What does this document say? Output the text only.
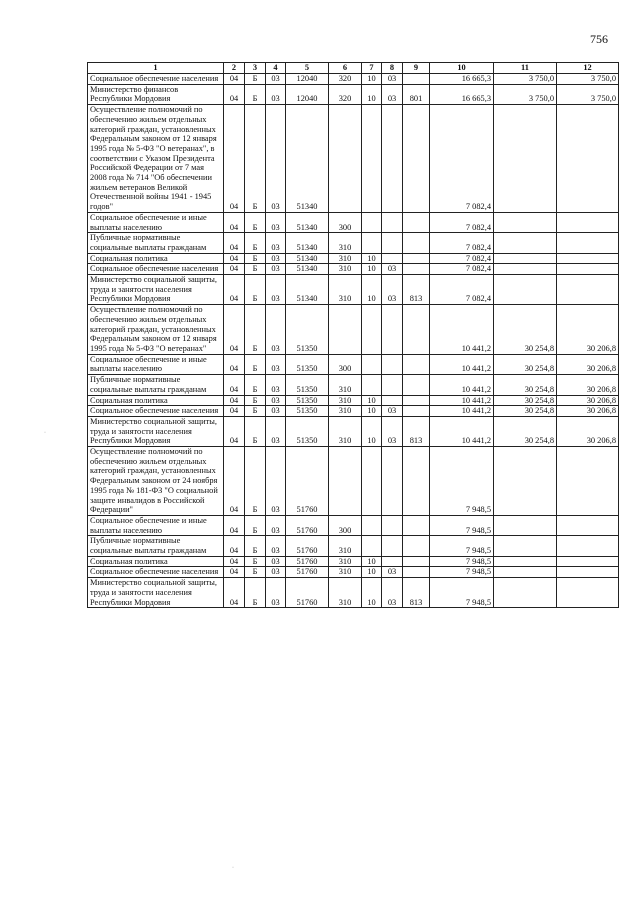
756
·
·
1	2	3	4	5	6	7	8	9	10	11	12
Социальное обеспечение населения	04	Б	03	12040	320	10	03		16 665,3	3 750,0	3 750,0
Министерство финансов Республики Мордовия	04	Б	03	12040	320	10	03	801	16 665,3	3 750,0	3 750,0
Осуществление полномочий по обеспечению жильем отдельных категорий граждан, установленных Федеральным законом от 12 января 1995 года № 5-ФЗ "О ветеранах", в соответствии с Указом Президента Российской Федерации от 7 мая 2008 года № 714 "Об обеспечении жильем ветеранов Великой Отечественной войны 1941 - 1945 годов"	04	Б	03	51340					7 082,4		
Социальное обеспечение и иные выплаты населению	04	Б	03	51340	300				7 082,4		
Публичные нормативные социальные выплаты гражданам	04	Б	03	51340	310				7 082,4		
Социальная политика	04	Б	03	51340	310	10			7 082,4		
Социальное обеспечение населения	04	Б	03	51340	310	10	03		7 082,4		
Министерство социальной защиты, труда и занятости населения Республики Мордовия	04	Б	03	51340	310	10	03	813	7 082,4		
Осуществление полномочий по обеспечению жильем отдельных категорий граждан, установленных Федеральным законом от 12 января 1995 года № 5-ФЗ "О ветеранах"	04	Б	03	51350					10 441,2	30 254,8	30 206,8
Социальное обеспечение и иные выплаты населению	04	Б	03	51350	300				10 441,2	30 254,8	30 206,8
Публичные нормативные социальные выплаты гражданам	04	Б	03	51350	310				10 441,2	30 254,8	30 206,8
Социальная политика	04	Б	03	51350	310	10			10 441,2	30 254,8	30 206,8
Социальное обеспечение населения	04	Б	03	51350	310	10	03		10 441,2	30 254,8	30 206,8
Министерство социальной защиты, труда и занятости населения Республики Мордовия	04	Б	03	51350	310	10	03	813	10 441,2	30 254,8	30 206,8
Осуществление полномочий по обеспечению жильем отдельных категорий граждан, установленных Федеральным законом от 24 ноября 1995 года № 181-ФЗ "О социальной защите инвалидов в Российской Федерации"	04	Б	03	51760					7 948,5		
Социальное обеспечение и иные выплаты населению	04	Б	03	51760	300				7 948,5		
Публичные нормативные социальные выплаты гражданам	04	Б	03	51760	310				7 948,5		
Социальная политика	04	Б	03	51760	310	10			7 948,5		
Социальное обеспечение населения	04	Б	03	51760	310	10	03		7 948,5		
Министерство социальной защиты, труда и занятости населения Республики Мордовия	04	Б	03	51760	310	10	03	813	7 948,5		
